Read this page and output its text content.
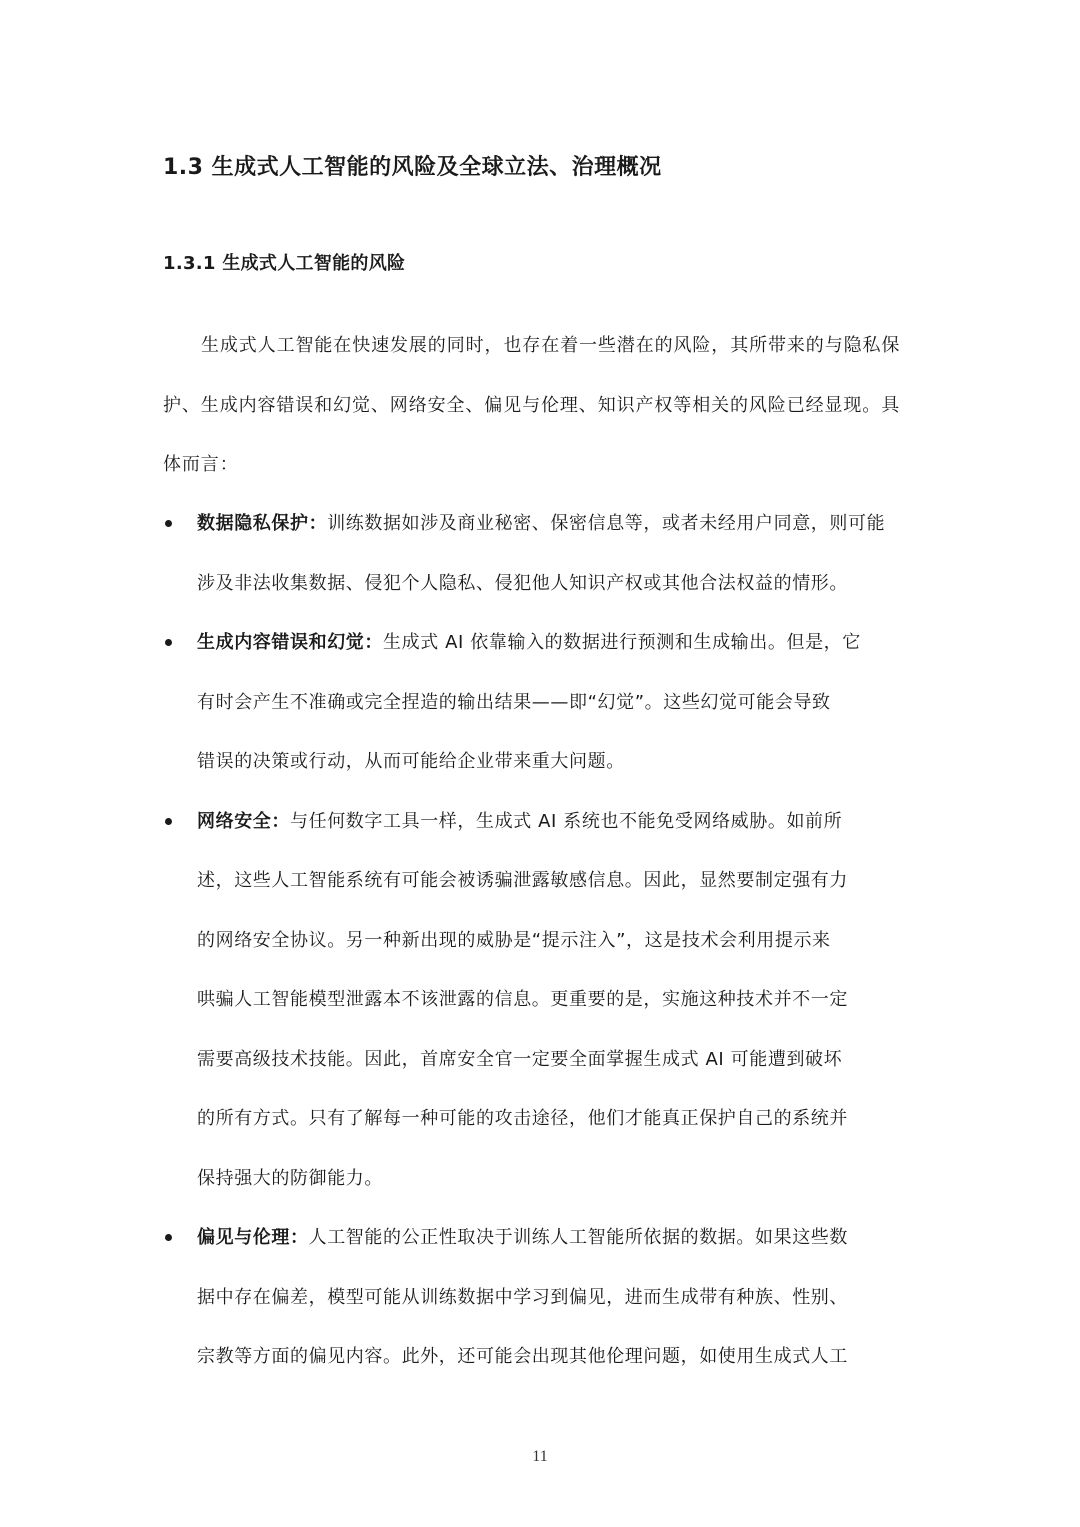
1.3 生成式人工智能的风险及全球立法、治理概况
1.3.1 生成式人工智能的风险
生成式人工智能在快速发展的同时，也存在着一些潜在的风险，其所带来的与隐私保
护、生成内容错误和幻觉、网络安全、偏见与伦理、知识产权等相关的风险已经显现。具
体而言：
数据隐私保护：训练数据如涉及商业秘密、保密信息等，或者未经用户同意，则可能
涉及非法收集数据、侵犯个人隐私、侵犯他人知识产权或其他合法权益的情形。
生成内容错误和幻觉：生成式 AI 依靠输入的数据进行预测和生成输出。但是，它
有时会产生不准确或完全捏造的输出结果——即“幻觉”。这些幻觉可能会导致
错误的决策或行动，从而可能给企业带来重大问题。
网络安全：与任何数字工具一样，生成式 AI 系统也不能免受网络威胁。如前所
述，这些人工智能系统有可能会被诱骗泄露敏感信息。因此，显然要制定强有力
的网络安全协议。另一种新出现的威胁是“提示注入”，这是技术会利用提示来
哄骗人工智能模型泄露本不该泄露的信息。更重要的是，实施这种技术并不一定
需要高级技术技能。因此，首席安全官一定要全面掌握生成式 AI 可能遭到破坏
的所有方式。只有了解每一种可能的攻击途径，他们才能真正保护自己的系统并
保持强大的防御能力。
偏见与伦理：人工智能的公正性取决于训练人工智能所依据的数据。如果这些数
据中存在偏差，模型可能从训练数据中学习到偏见，进而生成带有种族、性别、
宗教等方面的偏见内容。此外，还可能会出现其他伦理问题，如使用生成式人工
11
